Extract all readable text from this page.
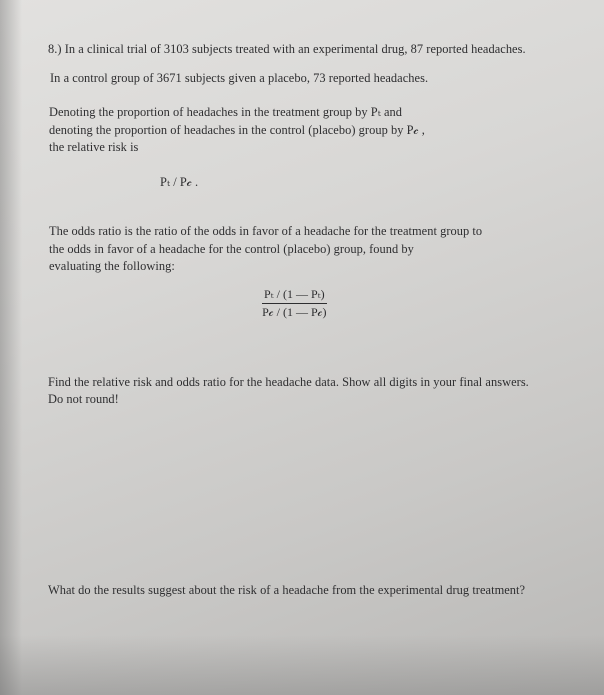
8.) In a clinical trial of 3103 subjects treated with an experimental drug, 87 reported headaches.
In a control group of 3671 subjects given a placebo, 73 reported headaches.
Denoting the proportion of headaches in the treatment group by Pₜ and
denoting the proportion of headaches in the control (placebo) group by P𝒸 ,
the relative risk is
Pₜ / P𝒸 .
The odds ratio is the ratio of the odds in favor of a headache for the treatment group to
the odds in favor of a headache for the control (placebo) group, found by
evaluating the following:
Pₜ / (1 — Pₜ)
P𝒸 / (1 — P𝒸)
Find the relative risk and odds ratio for the headache data. Show all digits in your final answers.
Do not round!
What do the results suggest about the risk of a headache from the experimental drug treatment?
